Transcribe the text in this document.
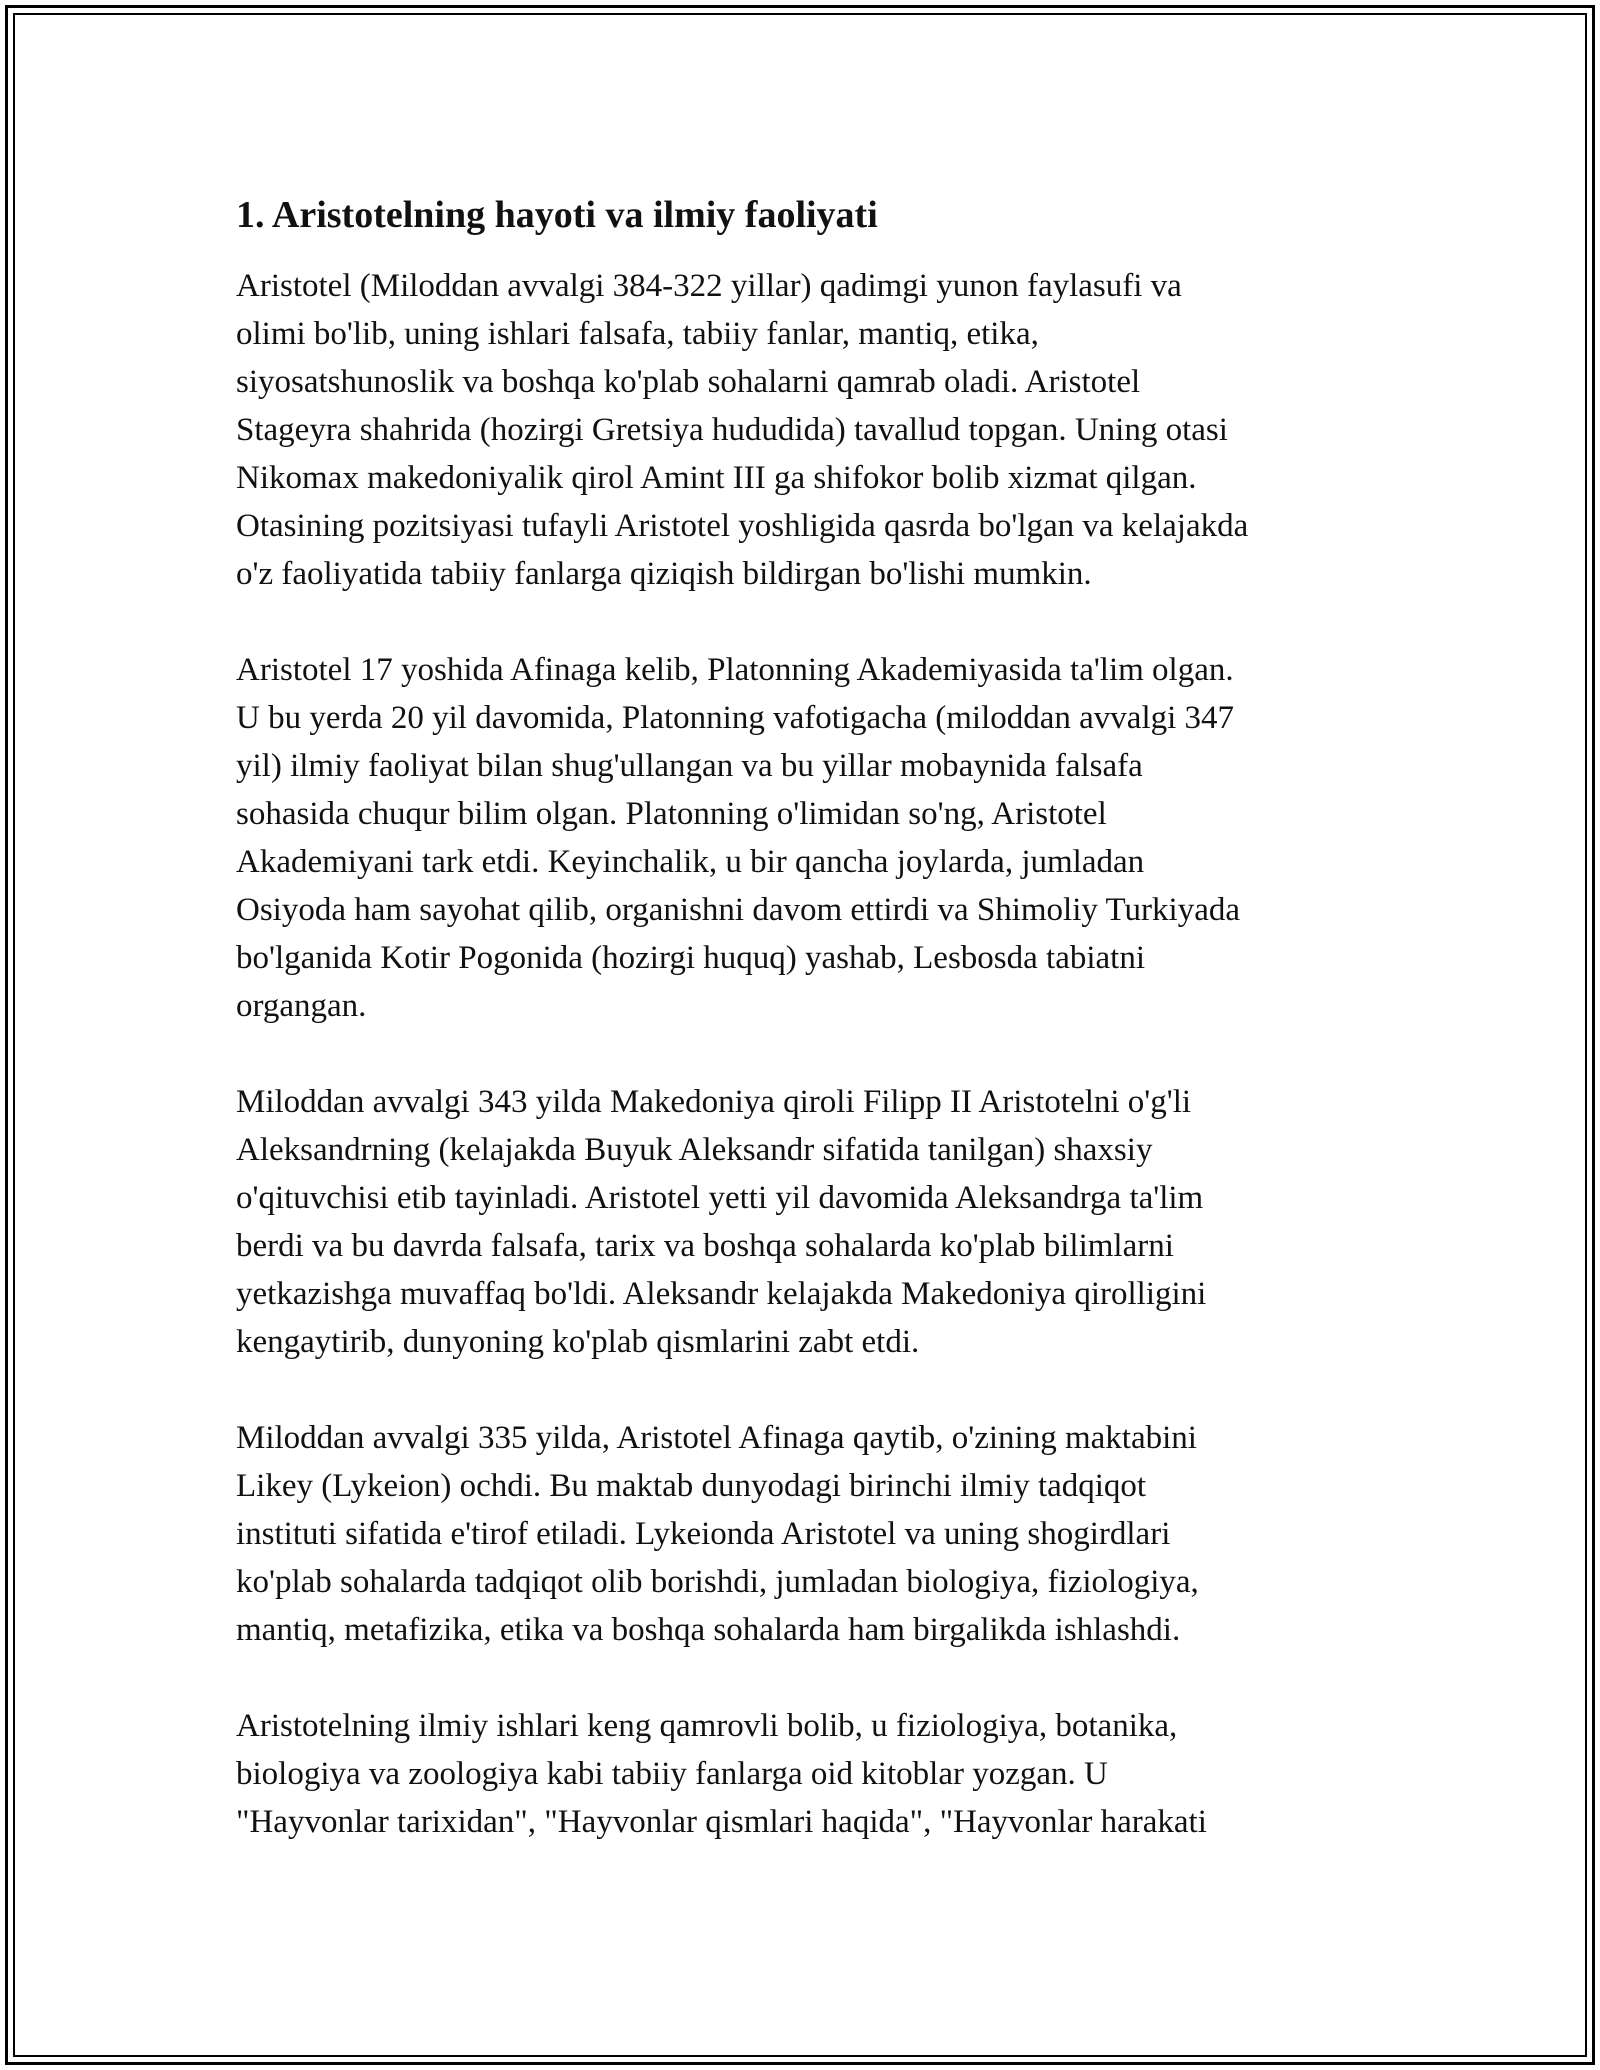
1. Aristotelning hayoti va ilmiy faoliyati

Aristotel (Miloddan avvalgi 384-322 yillar) qadimgi yunon faylasufi va
olimi bo'lib, uning ishlari falsafa, tabiiy fanlar, mantiq, etika,
siyosatshunoslik va boshqa ko'plab sohalarni qamrab oladi. Aristotel
Stageyra shahrida (hozirgi Gretsiya hududida) tavallud topgan. Uning otasi
Nikomax makedoniyalik qirol Amint III ga shifokor bolib xizmat qilgan.
Otasining pozitsiyasi tufayli Aristotel yoshligida qasrda bo'lgan va kelajakda
o'z faoliyatida tabiiy fanlarga qiziqish bildirgan bo'lishi mumkin.

Aristotel 17 yoshida Afinaga kelib, Platonning Akademiyasida ta'lim olgan.
U bu yerda 20 yil davomida, Platonning vafotigacha (miloddan avvalgi 347
yil) ilmiy faoliyat bilan shug'ullangan va bu yillar mobaynida falsafa
sohasida chuqur bilim olgan. Platonning o'limidan so'ng, Aristotel
Akademiyani tark etdi. Keyinchalik, u bir qancha joylarda, jumladan
Osiyoda ham sayohat qilib, organishni davom ettirdi va Shimoliy Turkiyada
bo'lganida Kotir Pogonida (hozirgi huquq) yashab, Lesbosda tabiatni
organgan.

Miloddan avvalgi 343 yilda Makedoniya qiroli Filipp II Aristotelni o'g'li
Aleksandrning (kelajakda Buyuk Aleksandr sifatida tanilgan) shaxsiy
o'qituvchisi etib tayinladi. Aristotel yetti yil davomida Aleksandrga ta'lim
berdi va bu davrda falsafa, tarix va boshqa sohalarda ko'plab bilimlarni
yetkazishga muvaffaq bo'ldi. Aleksandr kelajakda Makedoniya qirolligini
kengaytirib, dunyoning ko'plab qismlarini zabt etdi.

Miloddan avvalgi 335 yilda, Aristotel Afinaga qaytib, o'zining maktabini
Likey (Lykeion) ochdi. Bu maktab dunyodagi birinchi ilmiy tadqiqot
instituti sifatida e'tirof etiladi. Lykeionda Aristotel va uning shogirdlari
ko'plab sohalarda tadqiqot olib borishdi, jumladan biologiya, fiziologiya,
mantiq, metafizika, etika va boshqa sohalarda ham birgalikda ishlashdi.

Aristotelning ilmiy ishlari keng qamrovli bolib, u fiziologiya, botanika,
biologiya va zoologiya kabi tabiiy fanlarga oid kitoblar yozgan. U
"Hayvonlar tarixidan", "Hayvonlar qismlari haqida", "Hayvonlar harakati
